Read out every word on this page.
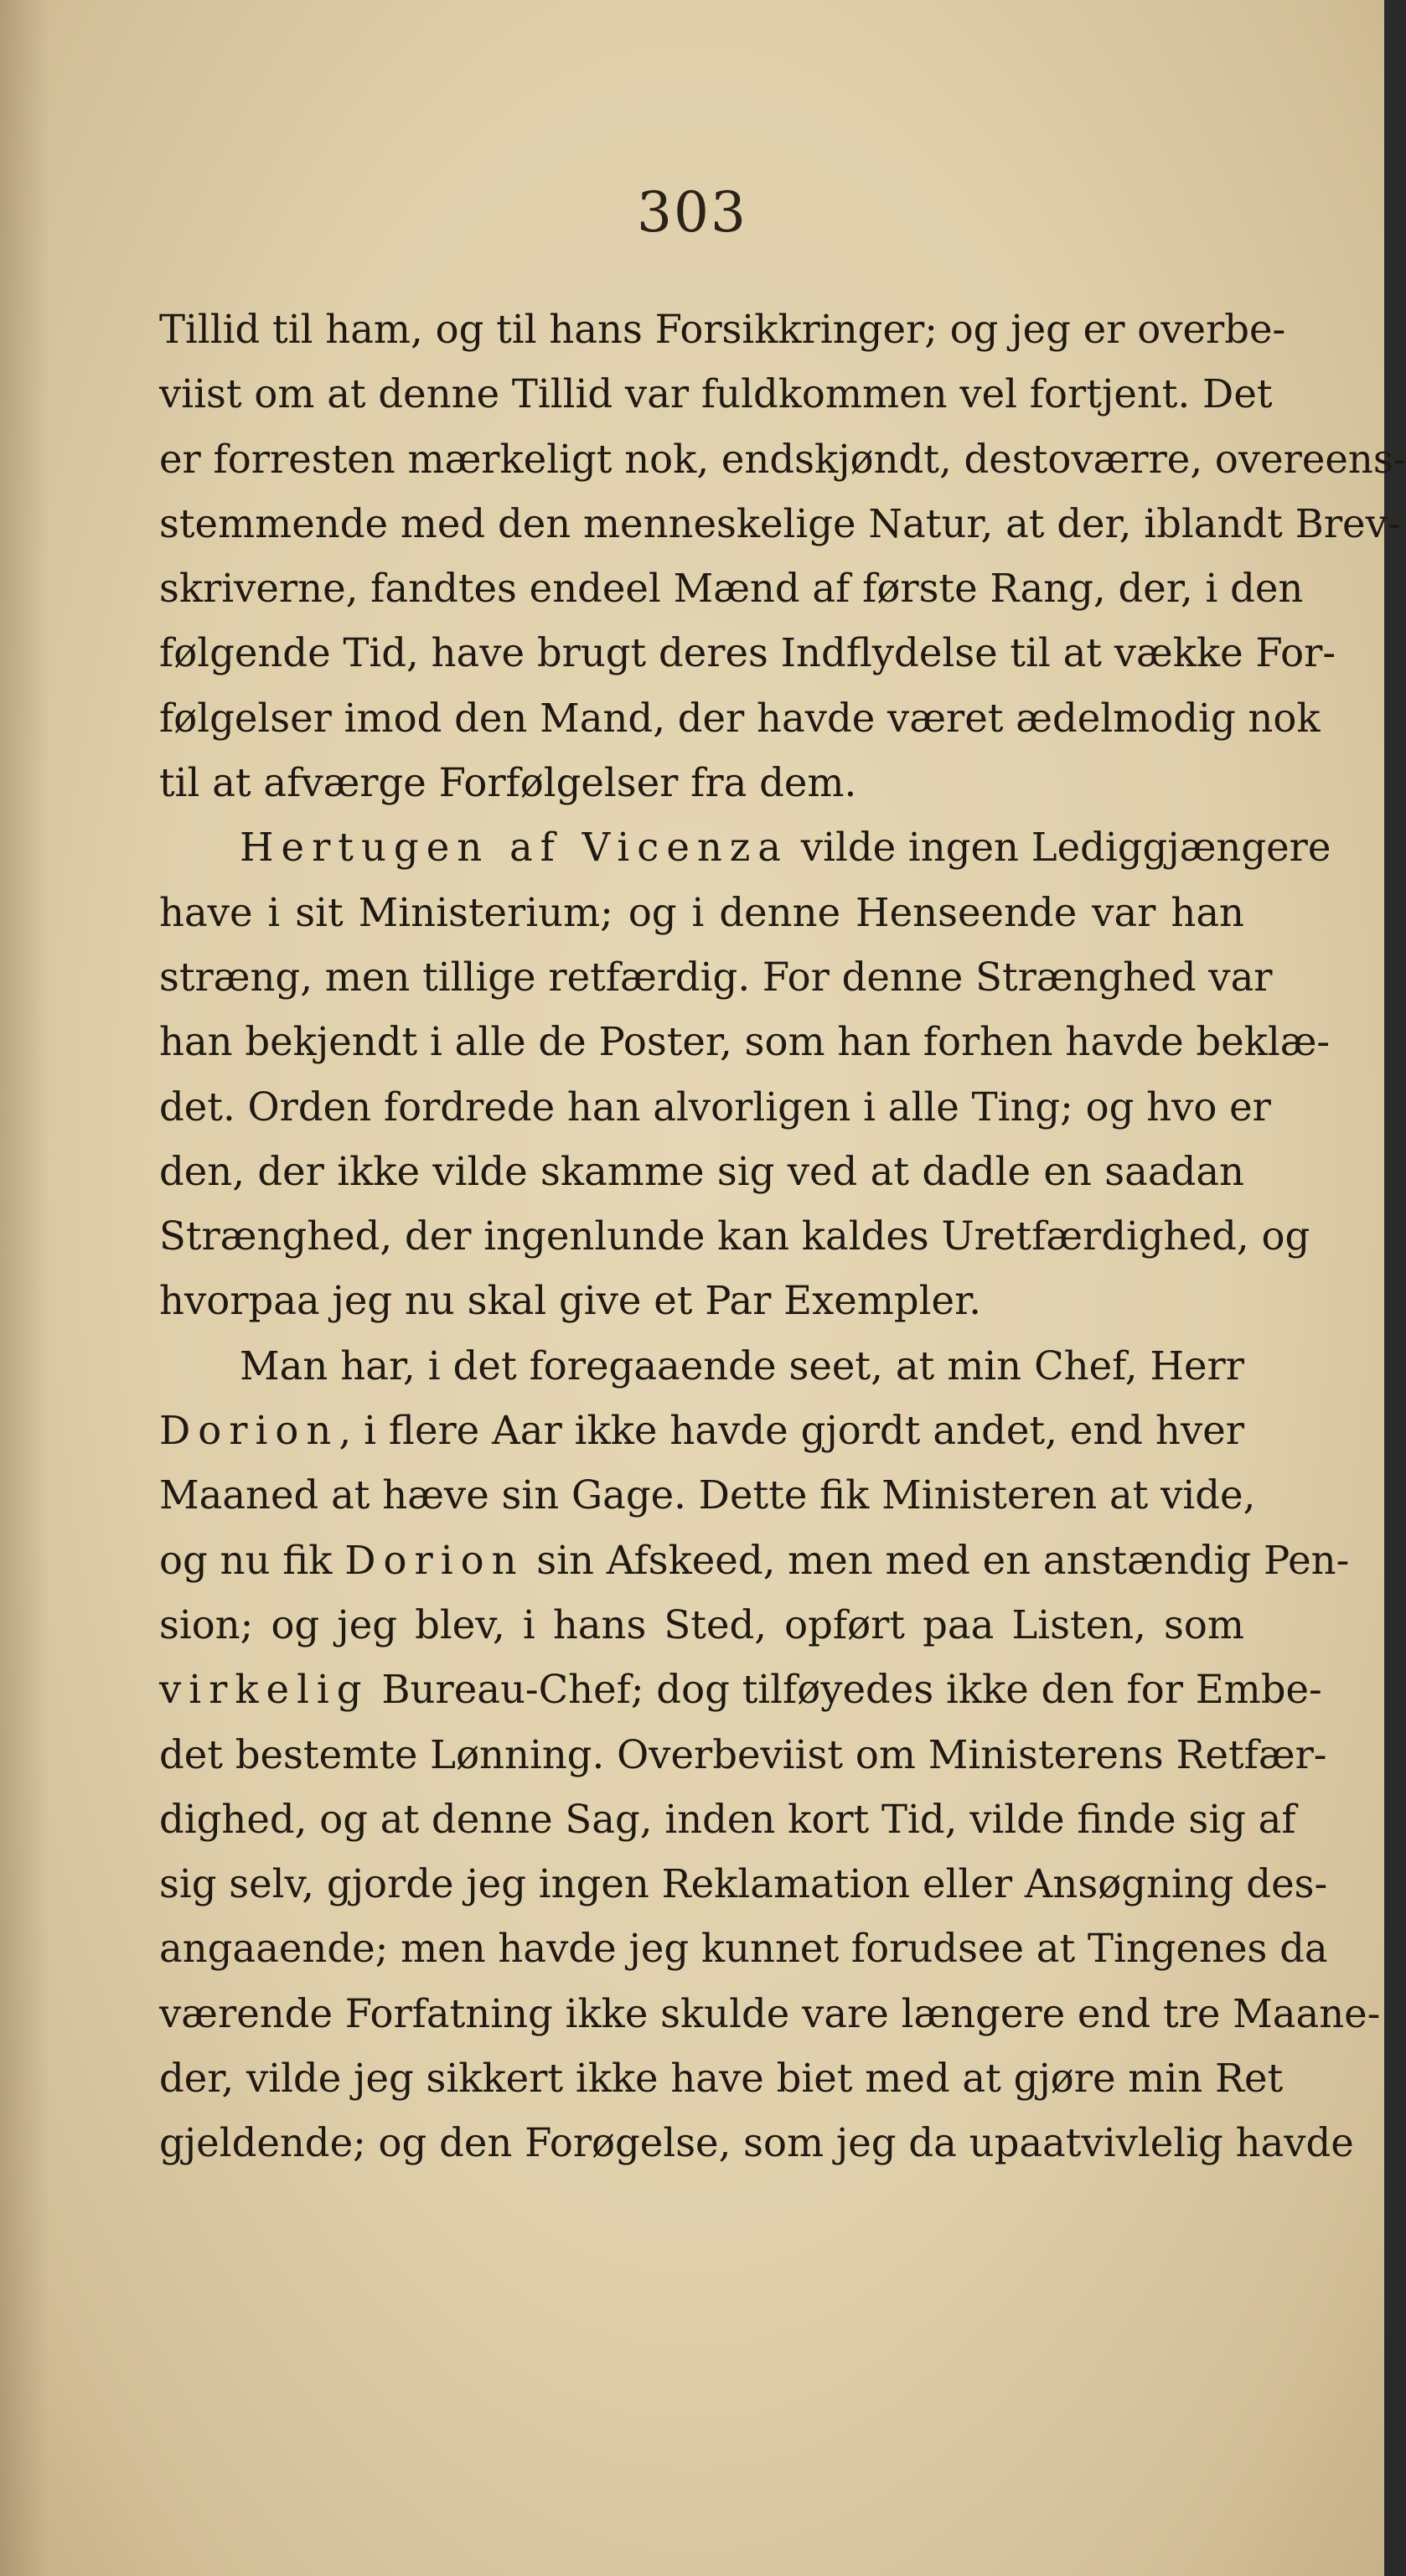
303
Tillid til ham, og til hans Forsikkringer; og jeg er overbe-
viist om at denne Tillid var fuldkommen vel fortjent. Det
er forresten mærkeligt nok, endskjøndt, destoværre, overeens-
stemmende med den menneskelige Natur, at der, iblandt Brev-
skriverne, fandtes endeel Mænd af første Rang, der, i den
følgende Tid, have brugt deres Indflydelse til at vække For-
følgelser imod den Mand, der havde været ædelmodig nok
til at afværge Forfølgelser fra dem.
Hertugen af Vicenza vilde ingen Lediggjængere
have i sit Ministerium; og i denne Henseende var han
stræng, men tillige retfærdig. For denne Strænghed var
han bekjendt i alle de Poster, som han forhen havde beklæ-
det. Orden fordrede han alvorligen i alle Ting; og hvo er
den, der ikke vilde skamme sig ved at dadle en saadan
Strænghed, der ingenlunde kan kaldes Uretfærdighed, og
hvorpaa jeg nu skal give et Par Exempler.
Man har, i det foregaaende seet, at min Chef, Herr
Dorion, i flere Aar ikke havde gjordt andet, end hver
Maaned at hæve sin Gage. Dette fik Ministeren at vide,
og nu fik Dorion sin Afskeed, men med en anstændig Pen-
sion; og jeg blev, i hans Sted, opført paa Listen, som
virkelig Bureau-Chef; dog tilføyedes ikke den for Embe-
det bestemte Lønning. Overbeviist om Ministerens Retfær-
dighed, og at denne Sag, inden kort Tid, vilde finde sig af
sig selv, gjorde jeg ingen Reklamation eller Ansøgning des-
angaaende; men havde jeg kunnet forudsee at Tingenes da
værende Forfatning ikke skulde vare længere end tre Maane-
der, vilde jeg sikkert ikke have biet med at gjøre min Ret
gjeldende; og den Forøgelse, som jeg da upaatvivlelig havde
